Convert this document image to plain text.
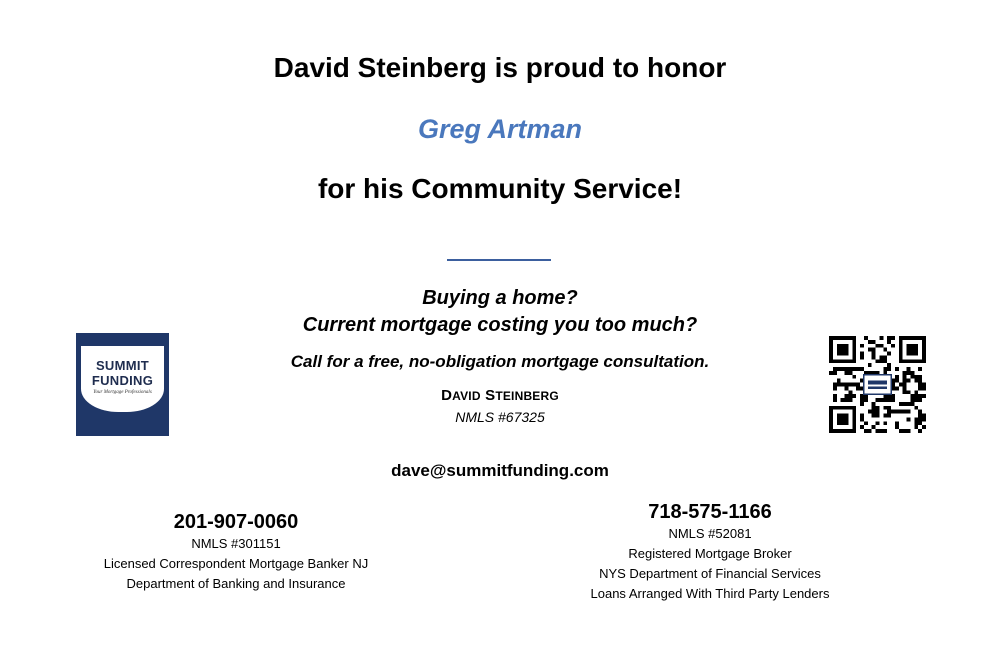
David Steinberg is proud to honor
Greg Artman
for his Community Service!
Buying a home?
Current mortgage costing you too much?
Call for a free, no-obligation mortgage consultation.
DAVID STEINBERG
NMLS #67325
dave@summitfunding.com
SUMMIT
FUNDING
Your Mortgage Professionals
201-907-0060
NMLS #301151
Licensed Correspondent Mortgage Banker NJ
Department of Banking and Insurance
718-575-1166
NMLS #52081
Registered Mortgage Broker
NYS Department of Financial Services
Loans Arranged With Third Party Lenders
